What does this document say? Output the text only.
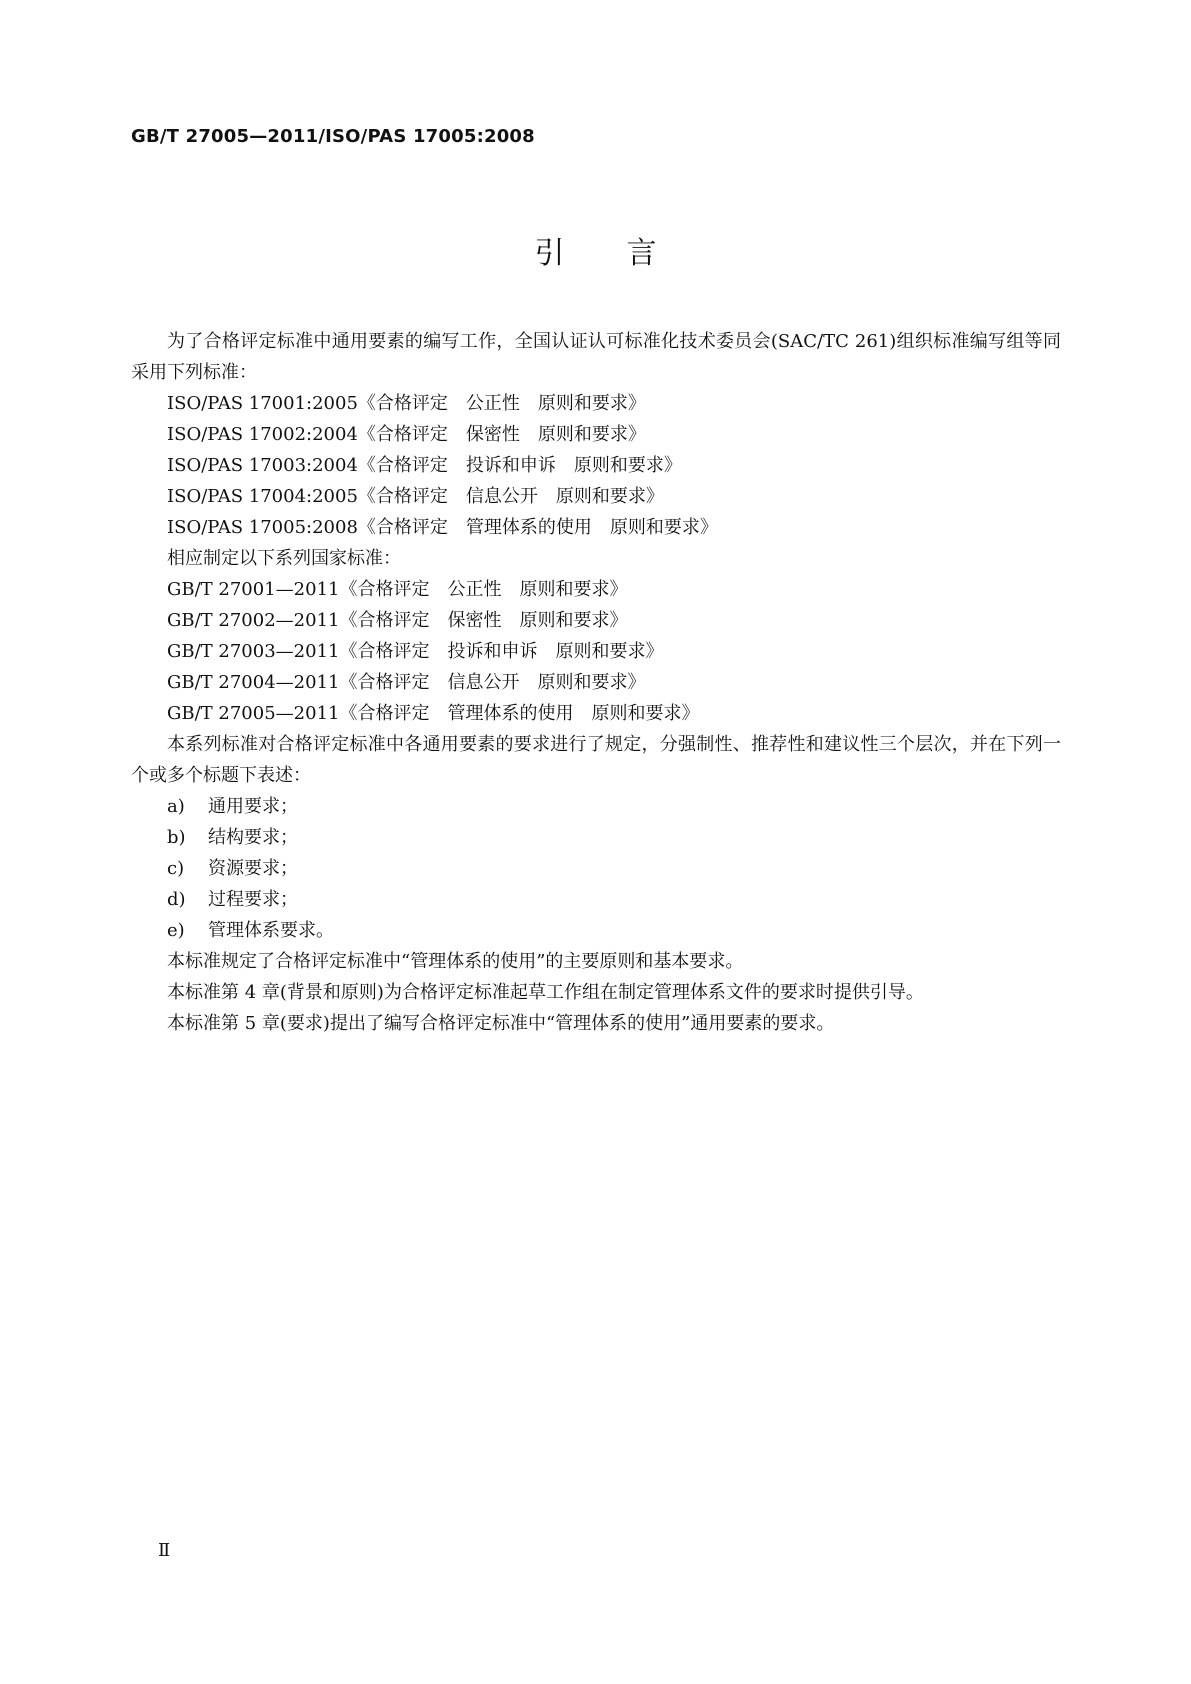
GB/T 27005—2011/ISO/PAS 17005:2008
引言

为了合格评定标准中通用要素的编写工作，全国认证认可标准化技术委员会(SAC/TC 261)组织标准编写组等同采用下列标准：

ISO/PAS 17001:2005《合格评定　公正性　原则和要求》

ISO/PAS 17002:2004《合格评定　保密性　原则和要求》

ISO/PAS 17003:2004《合格评定　投诉和申诉　原则和要求》

ISO/PAS 17004:2005《合格评定　信息公开　原则和要求》

ISO/PAS 17005:2008《合格评定　管理体系的使用　原则和要求》

相应制定以下系列国家标准：

GB/T 27001—2011《合格评定　公正性　原则和要求》

GB/T 27002—2011《合格评定　保密性　原则和要求》

GB/T 27003—2011《合格评定　投诉和申诉　原则和要求》

GB/T 27004—2011《合格评定　信息公开　原则和要求》

GB/T 27005—2011《合格评定　管理体系的使用　原则和要求》

本系列标准对合格评定标准中各通用要素的要求进行了规定，分强制性、推荐性和建议性三个层次，并在下列一个或多个标题下表述：

a) 通用要求；

b) 结构要求；

c) 资源要求；

d) 过程要求；

e) 管理体系要求。

本标准规定了合格评定标准中“管理体系的使用”的主要原则和基本要求。

本标准第 4 章(背景和原则)为合格评定标准起草工作组在制定管理体系文件的要求时提供引导。

本标准第 5 章(要求)提出了编写合格评定标准中“管理体系的使用”通用要素的要求。

Ⅱ
